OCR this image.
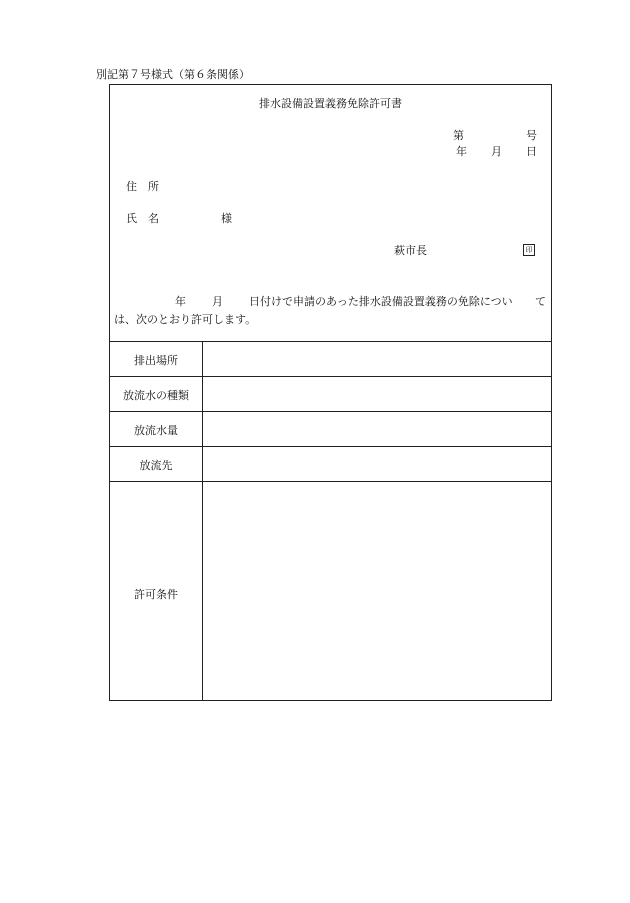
別記第７号様式（第６条関係）
排水設備設置義務免除許可書
第	号
年 月 日
住　所
氏　名	様
萩市長	印
年 月 日付けで申請のあった排水設備設置義務の免除につい て
は、次のとおり許可します。
排出場所
放流水の種類
放流水量
放流先
許可条件
